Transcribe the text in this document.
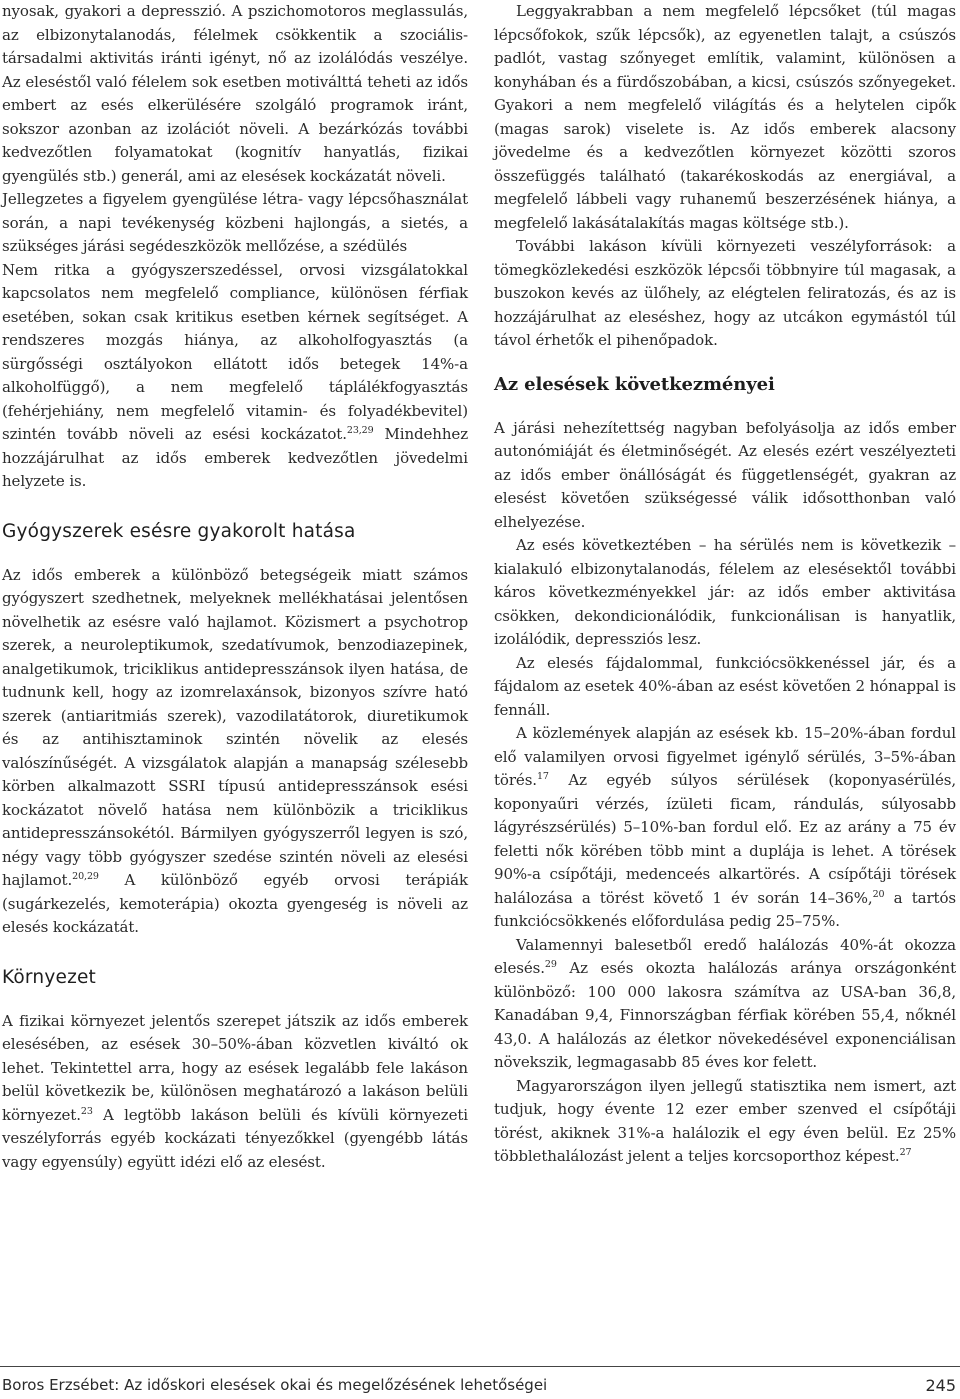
nyosak, gyakori a depresszió. A pszichomotoros meglassulás, az elbizonytalanodás, félelmek csökkentik a szociális-társadalmi aktivitás iránti igényt, nő az izolálódás veszélye. Az eleséstől való félelem sok esetben motiválttá teheti az idős embert az esés elkerülésére szolgáló programok iránt, sokszor azonban az izolációt növeli. A bezárkózás további kedvezőtlen folyamatokat (kognitív hanyatlás, fizikai gyengülés stb.) generál, ami az elesések kockázatát növeli.

Jellegzetes a figyelem gyengülése létra- vagy lépcsőhasználat során, a napi tevékenység közbeni hajlongás, a sietés, a szükséges járási segédeszközök mellőzése, a szédülés

Nem ritka a gyógyszerszedéssel, orvosi vizsgálatokkal kapcsolatos nem megfelelő compliance, különösen férfiak esetében, sokan csak kritikus esetben kérnek segítséget. A rendszeres mozgás hiánya, az alkoholfogyasztás (a sürgősségi osztályokon ellátott idős betegek 14%-a alkoholfüggő), a nem megfelelő táplálékfogyasztás (fehérjehiány, nem megfelelő vitamin- és folyadékbevitel) szintén tovább növeli az esési kockázatot.$^{23,29}$ Mindehhez hozzájárulhat az idős emberek kedvezőtlen jövedelmi helyzete is.

Gyógyszerek esésre gyakorolt hatása

Az idős emberek a különböző betegségeik miatt számos gyógyszert szedhetnek, melyeknek mellékhatásai jelentősen növelhetik az esésre való hajlamot. Közismert a psychotrop szerek, a neuroleptikumok, szedatívumok, benzodiazepinek, analgetikumok, triciklikus antidepresszánsok ilyen hatása, de tudnunk kell, hogy az izomrelaxánsok, bizonyos szívre ható szerek (antiaritmiás szerek), vazodilatátorok, diuretikumok és az antihisztaminok szintén növelik az elesés valószínűségét. A vizsgálatok alapján a manapság szélesebb körben alkalmazott SSRI típusú antidepresszánsok esési kockázatot növelő hatása nem különbözik a triciklikus antidepresszánsokétól. Bármilyen gyógyszerről legyen is szó, négy vagy több gyógyszer szedése szintén növeli az elesési hajlamot.$^{20,29}$ A különböző egyéb orvosi terápiák (sugárkezelés, kemoterápia) okozta gyengeség is növeli az elesés kockázatát.

Környezet

A fizikai környezet jelentős szerepet játszik az idős emberek elesésében, az esések 30–50%-ában közvetlen kiváltó ok lehet. Tekintettel arra, hogy az esések legalább fele lakáson belül következik be, különösen meghatározó a lakáson belüli környezet.$^{23}$ A legtöbb lakáson belüli és kívüli környezeti veszélyforrás egyéb kockázati tényezőkkel (gyengébb látás vagy egyensúly) együtt idézi elő az elesést.

Leggyakrabban a nem megfelelő lépcsőket (túl magas lépcsőfokok, szűk lépcsők), az egyenetlen talajt, a csúszós padlót, vastag szőnyeget említik, valamint, különösen a konyhában és a fürdőszobában, a kicsi, csúszós szőnyegeket. Gyakori a nem megfelelő világítás és a helytelen cipők (magas sarok) viselete is. Az idős emberek alacsony jövedelme és a kedvezőtlen környezet közötti szoros összefüggés található (takarékoskodás az energiával, a megfelelő lábbeli vagy ruhanemű beszerzésének hiánya, a megfelelő lakásátalakítás magas költsége stb.).

További lakáson kívüli környezeti veszélyforrások: a tömegközlekedési eszközök lépcsői többnyire túl magasak, a buszokon kevés az ülőhely, az elégtelen feliratozás, és az is hozzájárulhat az eleséshez, hogy az utcákon egymástól túl távol érhetők el pihenőpadok.

Az elesések következményei

A járási nehezítettség nagyban befolyásolja az idős ember autonómiáját és életminőségét. Az elesés ezért veszélyezteti az idős ember önállóságát és függetlenségét, gyakran az elesést követően szükségessé válik idősotthonban való elhelyezése.

Az esés következtében – ha sérülés nem is következik – kialakuló elbizonytalanodás, félelem az elesésektől további káros következményekkel jár: az idős ember aktivitása csökken, dekondicionálódik, funkcionálisan is hanyatlik, izolálódik, depressziós lesz.

Az elesés fájdalommal, funkciócsökkenéssel jár, és a fájdalom az esetek 40%-ában az esést követően 2 hónappal is fennáll.

A közlemények alapján az esések kb. 15–20%-ában fordul elő valamilyen orvosi figyelmet igénylő sérülés, 3–5%-ában törés.$^{17}$ Az egyéb súlyos sérülések (koponyasérülés, koponyaűri vérzés, ízületi ficam, rándulás, súlyosabb lágyrészsérülés) 5–10%-ban fordul elő. Ez az arány a 75 év feletti nők körében több mint a duplája is lehet. A törések 90%-a csípőtáji, medenceés alkartörés. A csípőtáji törések halálozása a törést követő 1 év során 14–36%,$^{20}$ a tartós funkciócsökkenés előfordulása pedig 25–75%.

Valamennyi balesetből eredő halálozás 40%-át okozza elesés.$^{29}$ Az esés okozta halálozás aránya országonként különböző: 100 000 lakosra számítva az USA-ban 36,8, Kanadában 9,4, Finnországban férfiak körében 55,4, nőknél 43,0. A halálozás az életkor növekedésével exponenciálisan növekszik, legmagasabb 85 éves kor felett.

Magyarországon ilyen jellegű statisztika nem ismert, azt tudjuk, hogy évente 12 ezer ember szenved el csípőtáji törést, akiknek 31%-a halálozik el egy éven belül. Ez 25% többlethalálozást jelent a teljes korcsoporthoz képest.$^{27}$

Boros Erzsébet: Az időskori elesések okai és megelőzésének lehetőségei	245
